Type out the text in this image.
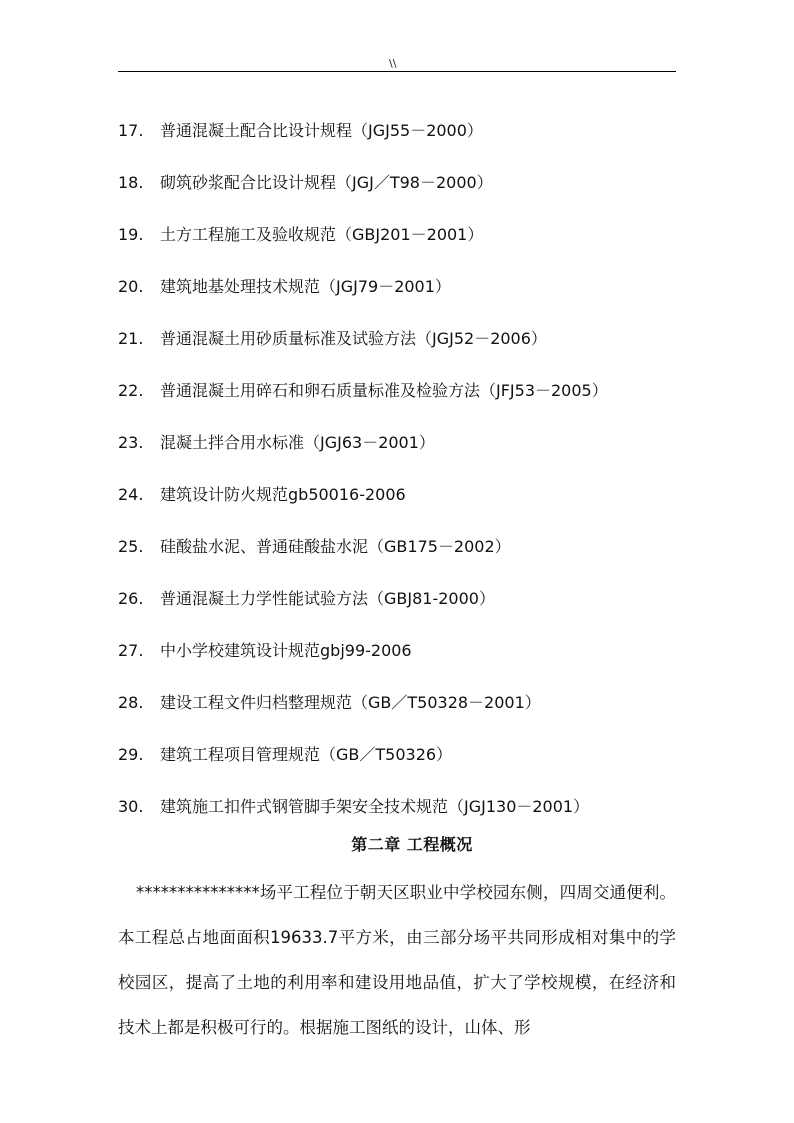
\\
17.	普通混凝土配合比设计规程（JGJ55－2000）
18.	砌筑砂浆配合比设计规程（JGJ／T98－2000）
19.	土方工程施工及验收规范（GBJ201－2001）
20.	建筑地基处理技术规范（JGJ79－2001）
21.	普通混凝土用砂质量标准及试验方法（JGJ52－2006）
22.	普通混凝土用碎石和卵石质量标准及检验方法（JFJ53－2005）
23.	混凝土拌合用水标准（JGJ63－2001）
24.	建筑设计防火规范gb50016-2006
25.	硅酸盐水泥、普通硅酸盐水泥（GB175－2002）
26.	普通混凝土力学性能试验方法（GBJ81-2000）
27.	中小学校建筑设计规范gbj99-2006
28.	建设工程文件归档整理规范（GB／T50328－2001）
29.	建筑工程项目管理规范（GB／T50326）
30.	建筑施工扣件式钢管脚手架安全技术规范（JGJ130－2001）
第二章 工程概况

***************场平工程位于朝天区职业中学校园东侧，四周交通便利。本工程总占地面面积19633.7平方米，由三部分场平共同形成相对集中的学校园区，提高了土地的利用率和建设用地品值，扩大了学校规模，在经济和技术上都是积极可行的。根据施工图纸的设计，山体、形
